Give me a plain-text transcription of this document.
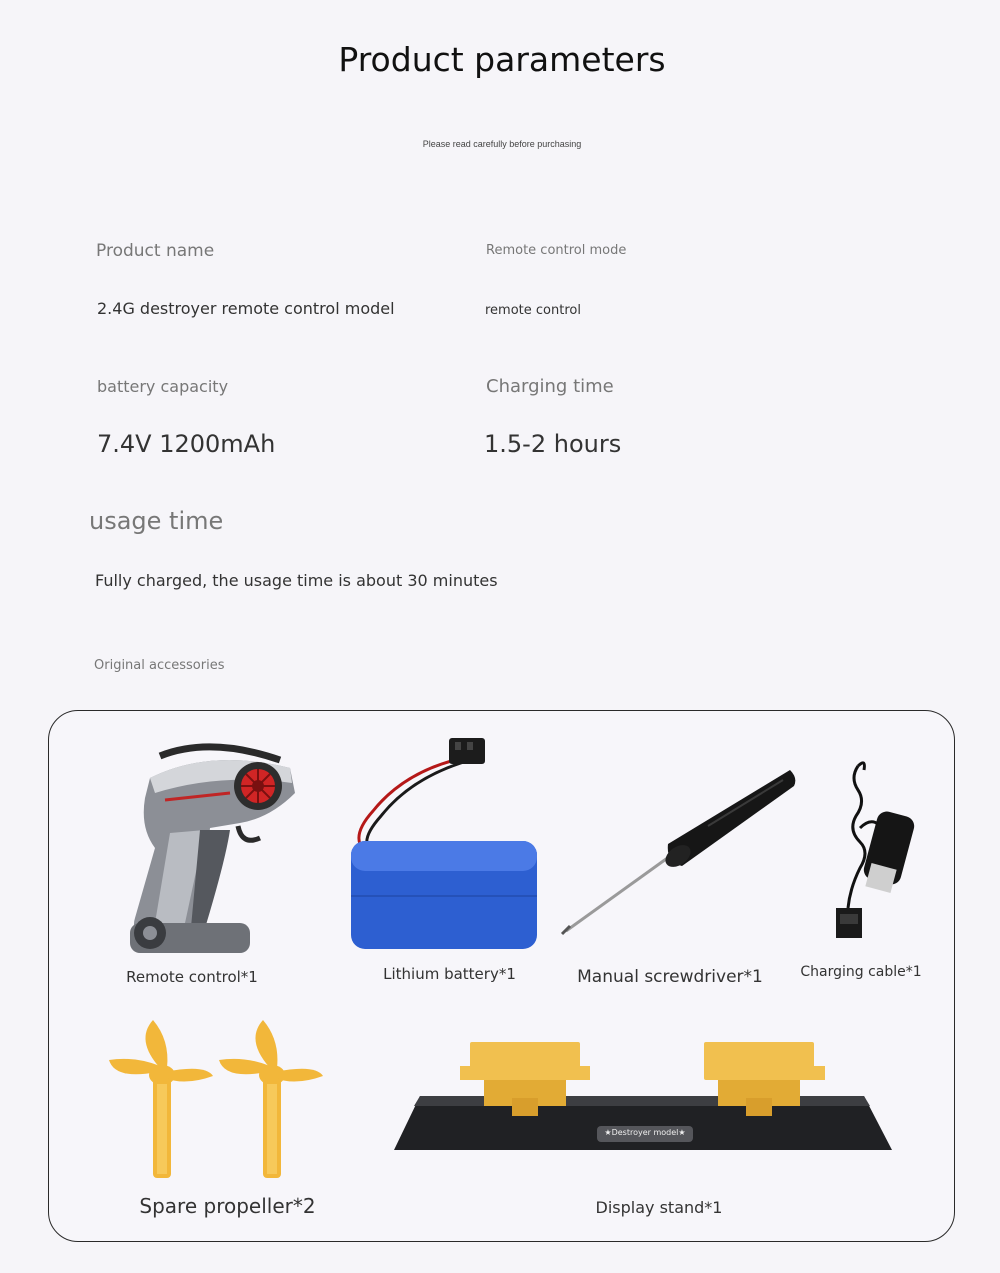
Product parameters
Please read carefully before purchasing
Product name
2.4G destroyer remote control model
Remote control mode
remote control
battery capacity
7.4V 1200mAh
Charging time
1.5-2 hours
usage time
Fully charged, the usage time is about 30 minutes
Original accessories
Remote control*1	Lithium battery*1	Manual screwdriver*1	Charging cable*1
Spare propeller*2
★Destroyer model★
Display stand*1
